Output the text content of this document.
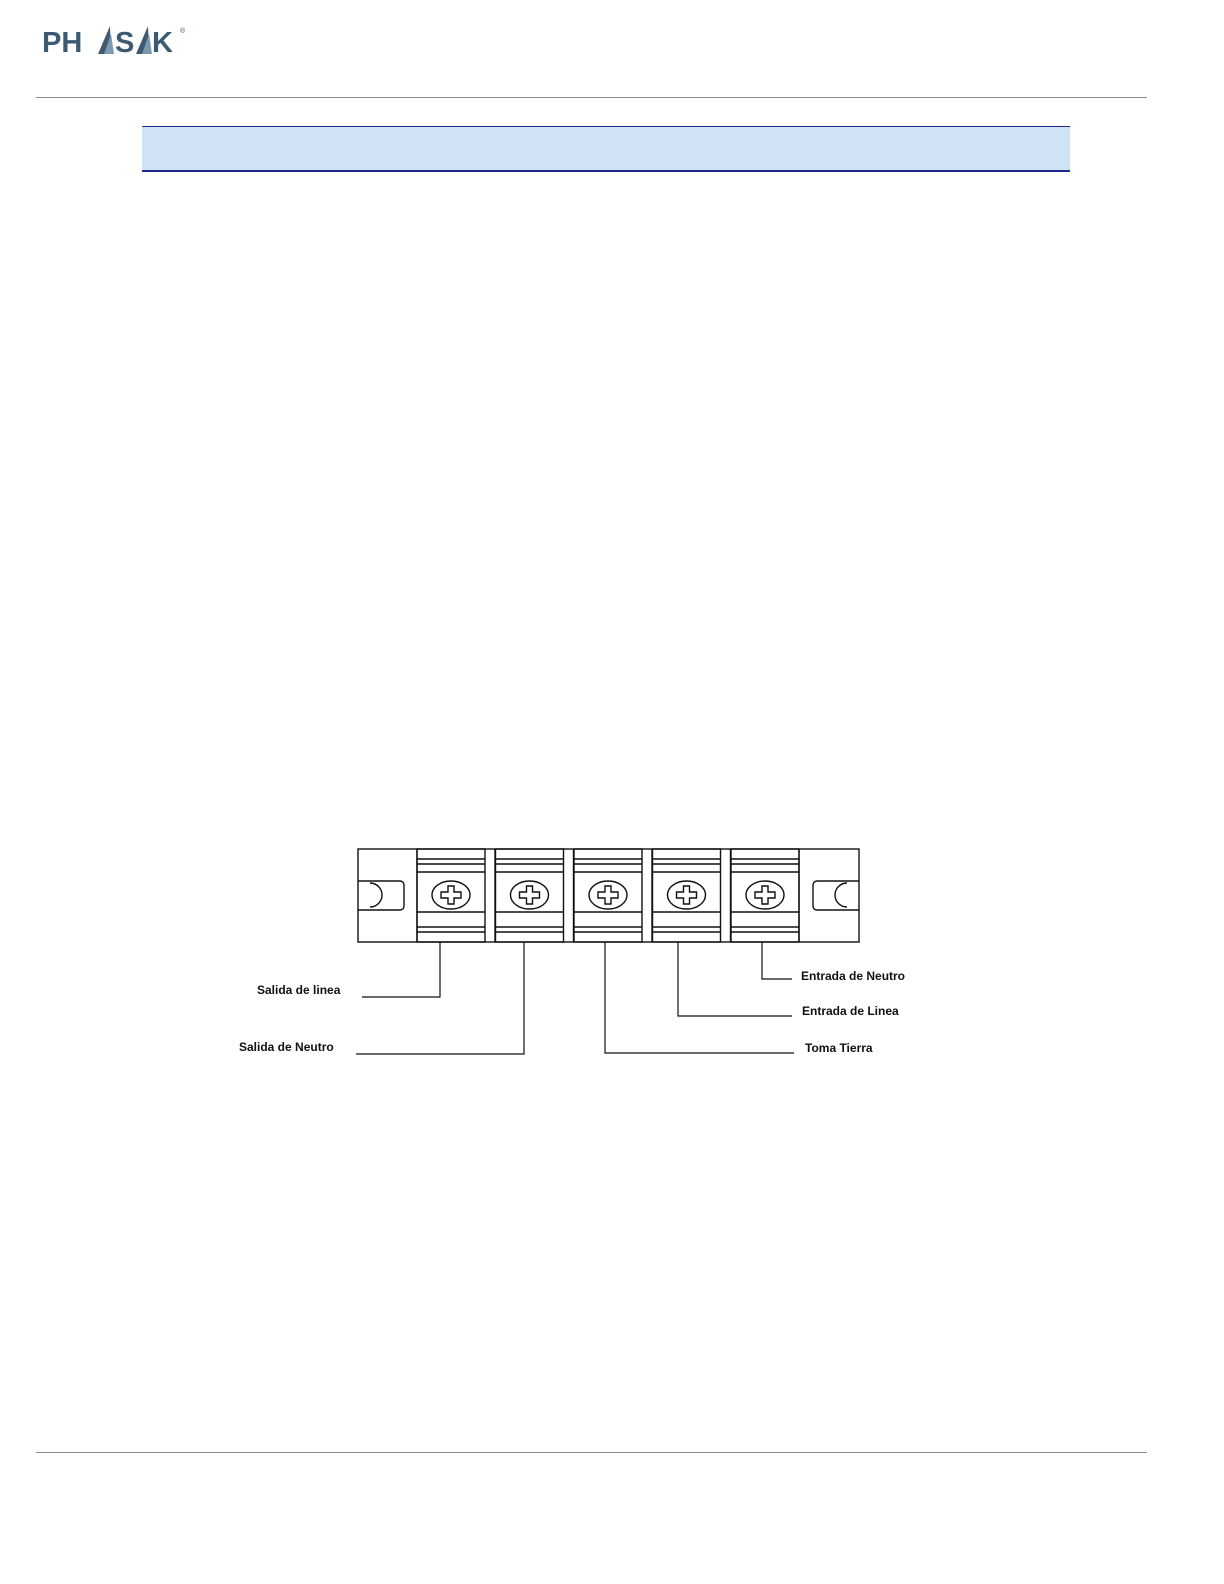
PH S K ®
Salida de linea
Salida de Neutro	Toma Tierra
Entrada de Linea
Entrada de Neutro
